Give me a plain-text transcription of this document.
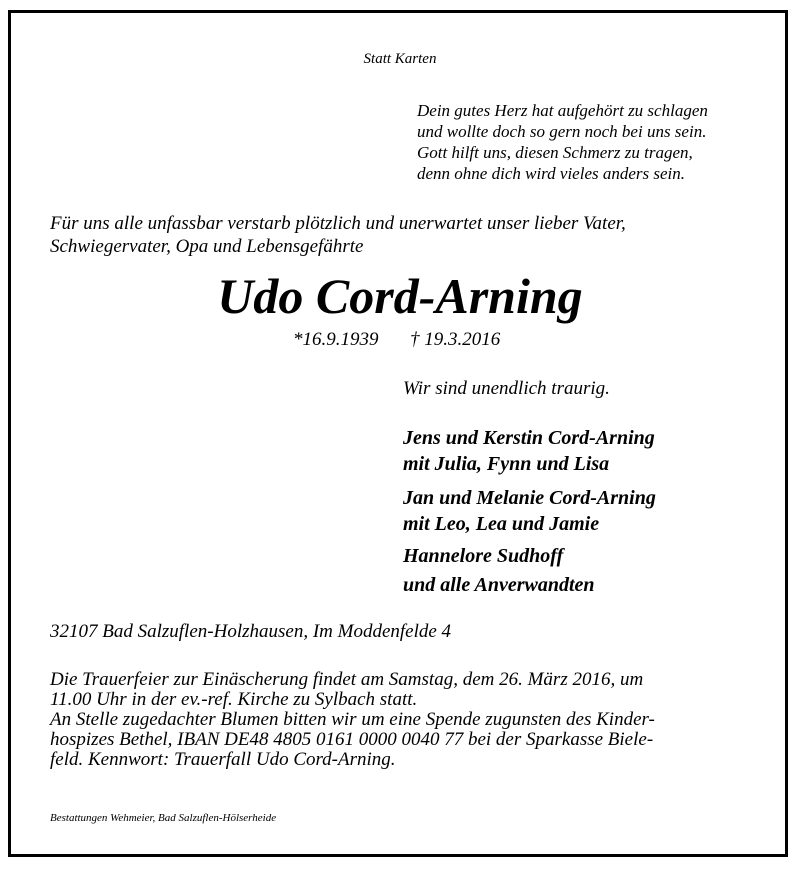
Statt Karten
Dein gutes Herz hat aufgehört zu schlagen
und wollte doch so gern noch bei uns sein.
Gott hilft uns, diesen Schmerz zu tragen,
denn ohne dich wird vieles anders sein.
Für uns alle unfassbar verstarb plötzlich und unerwartet unser lieber Vater,
Schwiegervater, Opa und Lebensgefährte
Udo Cord-Arning
*16.9.1939 † 19.3.2016
Wir sind unendlich traurig.
Jens und Kerstin Cord-Arning
mit Julia, Fynn und Lisa
Jan und Melanie Cord-Arning
mit Leo, Lea und Jamie
Hannelore Sudhoff
und alle Anverwandten
32107 Bad Salzuflen-Holzhausen, Im Moddenfelde 4
Die Trauerfeier zur Einäscherung findet am Samstag, dem 26. März 2016, um
11.00 Uhr in der ev.-ref. Kirche zu Sylbach statt.
An Stelle zugedachter Blumen bitten wir um eine Spende zugunsten des Kinder-
hospizes Bethel, IBAN DE48 4805 0161 0000 0040 77 bei der Sparkasse Biele-
feld. Kennwort: Trauerfall Udo Cord-Arning.
Bestattungen Wehmeier, Bad Salzuflen-Hölserheide
